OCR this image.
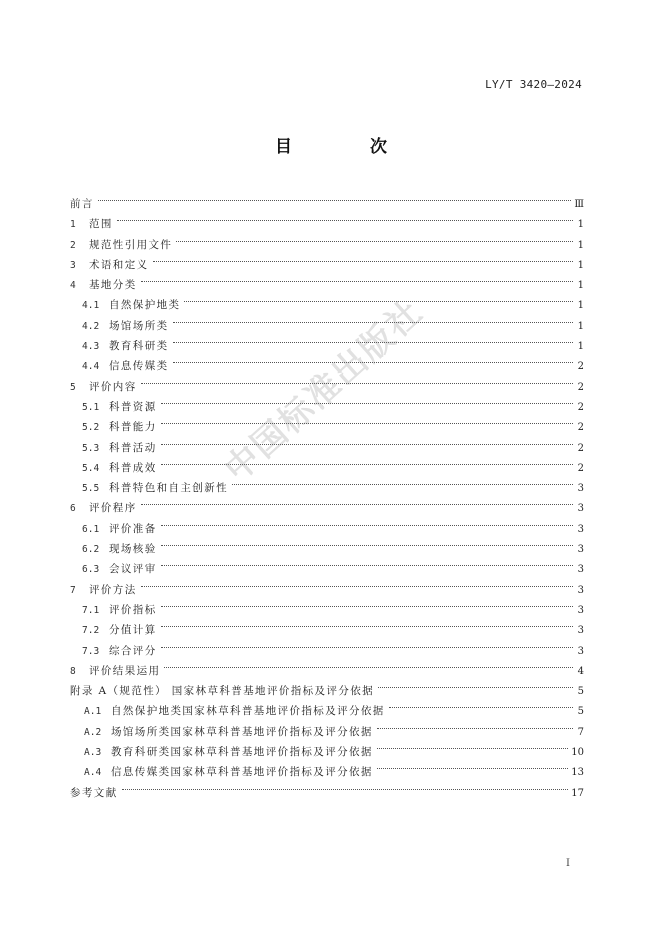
LY/T 3420—2024
目 次
前言	Ⅲ
1	范围	1
2	规范性引用文件	1
3	术语和定义	1
4	基地分类	1
4.1 自然保护地类	1
4.2 场馆场所类	1
4.3 教育科研类	1
4.4 信息传媒类	2
5	评价内容	2
5.1 科普资源	2
5.2 科普能力	2
5.3 科普活动	2
5.4 科普成效	2
5.5 科普特色和自主创新性	3
6	评价程序	3
6.1 评价准备	3
6.2 现场核验	3
6.3 会议评审	3
7	评价方法	3
7.1 评价指标	3
7.2 分值计算	3
7.3 综合评分	3
8	评价结果运用	4
附录 A（规范性） 国家林草科普基地评价指标及评分依据	5
A.1 自然保护地类国家林草科普基地评价指标及评分依据	5
A.2 场馆场所类国家林草科普基地评价指标及评分依据	7
A.3 教育科研类国家林草科普基地评价指标及评分依据	10
A.4 信息传媒类国家林草科普基地评价指标及评分依据	13
参考文献	17
Ⅰ
中国标准出版社
